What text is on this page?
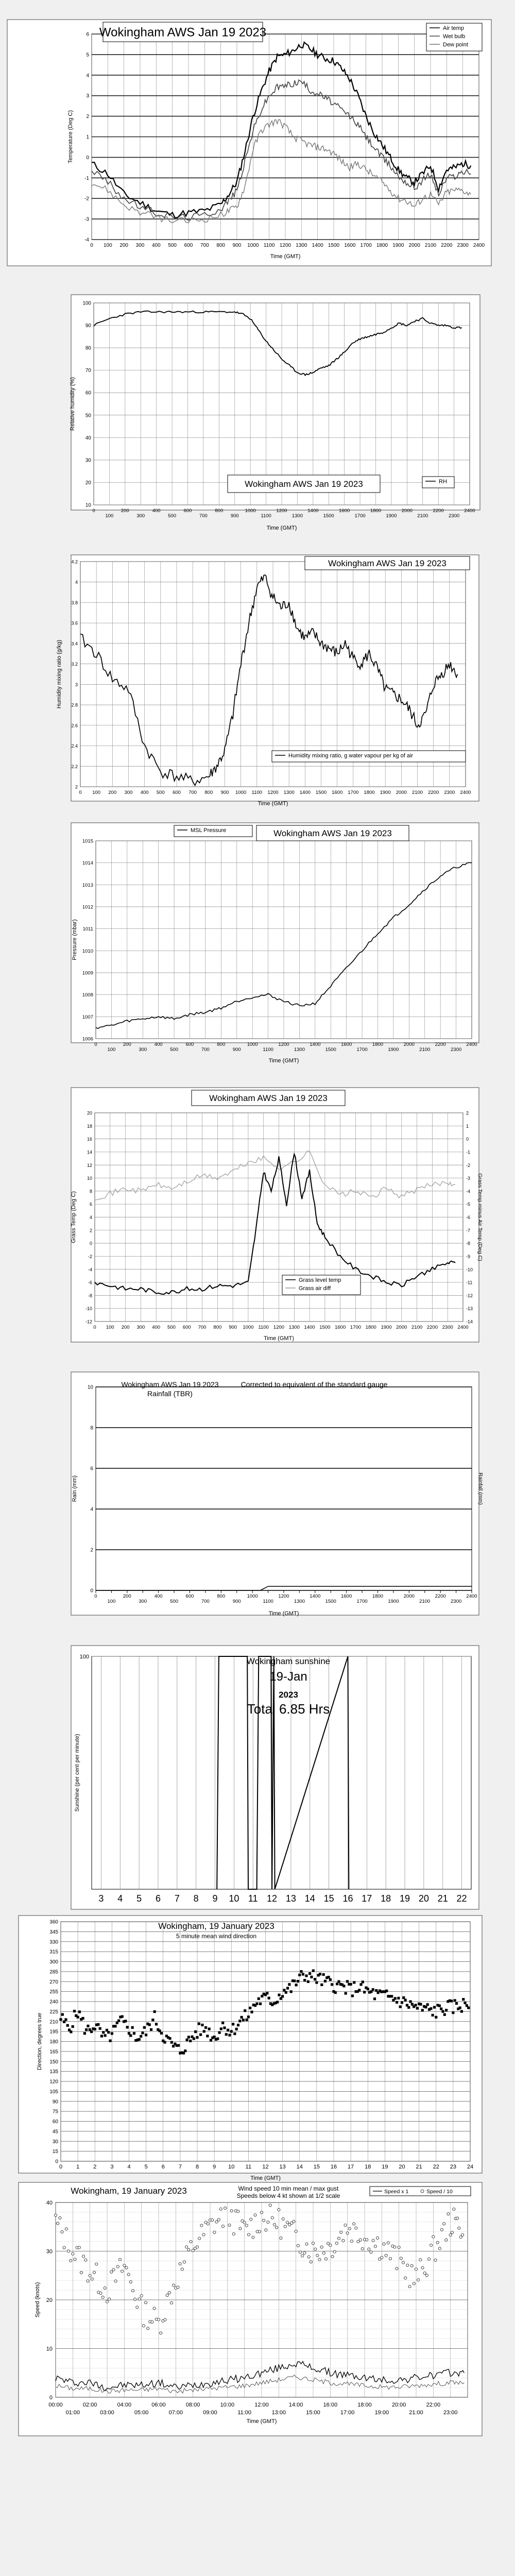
0 100 200 300 400 500 600 700 800 900 1000 1100 1200 1300 1400 1500 1600 1700 1800 1900 2000 2100 2200 2300 2400
-4
-3
-2
-1
0
1
2
3
4
5
6
Time (GMT)
Temperature (Deg C)
Wokingham AWS Jan 19 2023	Air temp
Wet bulb
Dew point
0
100
200
300
400
500
600
700
800
900
1000
1100
1200
1300
1400
1500
1600
1700
1800
1900
2000
2100
2200
2300
2400
10
20
30
40
50
60
70
80
90
100
Time (GMT)
Relative humidity (%)
Wokingham AWS Jan 19 2023	RH
0 100 200 300 400 500 600 700 800 900 1000 1100 1200 1300 1400 1500 1600 1700 1800 1900 2000 2100 2200 2300 2400
2
2.2
2.4
2.6
2.8
3
3.2
3.4
3.6
3.8
4
4.2
Time (GMT)
Humidity mixing ratio (g/kg)
Wokingham AWS Jan 19 2023
Humidity mixing ratio, g water vapour per kg of air
0
100
200
300
400
500
600
700
800
900
1000
1100
1200
1300
1400
1500
1600
1700
1800
1900
2000
2100
2200
2300
2400
1006
1007
1008
1009
1010
1011
1012
1013
1014
1015
Time (GMT)
Pressure (mbar)
MSL Pressure	Wokingham AWS Jan 19 2023
0 100 200 300 400 500 600 700 800 900 1000 1100 1200 1300 1400 1500 1600 1700 1800 1900 2000 2100 2200 2300 2400
-12
-10
-8
-6
-4
-2
0
2
4
6
8
10
12
14
16
18
20
Time (GMT)
Grass Temp (Deg C)
-14
-13
-12
-11
-10
-9
-8
-7
-6
-5
-4
-3
-2
-1
0
1
2
Grass Temp minus Air Temp (Deg C)
Wokingham AWS Jan 19 2023
Grass level temp
Grass air diff
0
100
200
300
400
500
600
700
800
900
1000
1100
1200
1300
1400
1500
1600
1700
1800
1900
2000
2100
2200
2300
2400
0
2
4
6
8
10
Time (GMT)
Rain (mm)	Rainfall (mm)
Wokingham AWS Jan 19 2023
Rainfall (TBR)
Corrected to equivalent of the standard gauge
3 4 5 6 7 8 9 10 11 12 13 14 15 16 17 18 19 20 21 22
100
Sunshine (per cent per minute)
Wokingham sunshine
19-Jan
2023
Total 6.85 Hrs
0 1 2 3 4 5 6 7 8 9 10 11 12 13 14 15 16 17 18 19 20 21 22 23 24
0
15
30
45
60
75
90
105
120
135
150
165
180
195
210
225
240
255
270
285
300
315
330
345
360
Time (GMT)
Direction, degrees true
Wokingham, 19 January 2023
5 minute mean wind direction
0
10
20
30
40
00:00	02:00	04:00	06:00	08:00	10:00	12:00	14:00	16:00	18:00	20:00	22:00
01:00	03:00	05:00	07:00	09:00	11:00	13:00	15:00	17:00	19:00	21:00	23:00
Time (GMT)
Speed (knots)
Wokingham, 19 January 2023	Wind speed 10 min mean / max gust
Speeds below 4 kt shown at 1/2 scale
Speed x 1	Speed / 10
